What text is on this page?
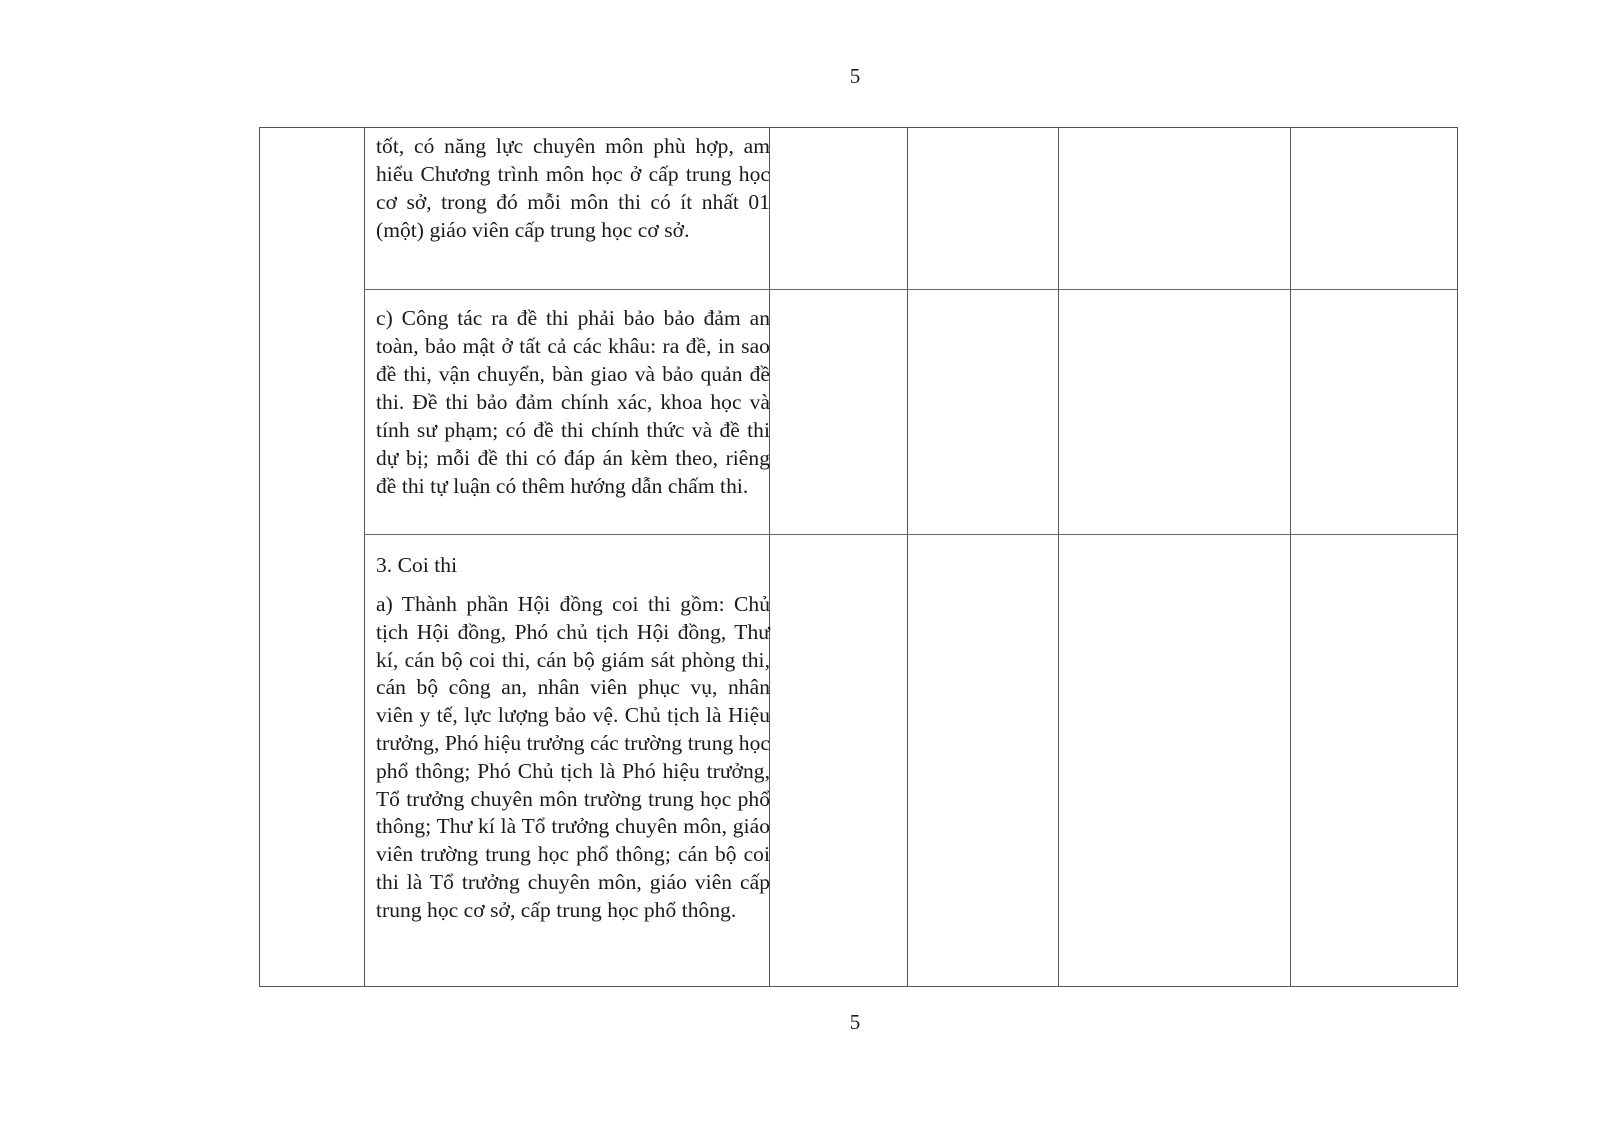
5

tốt, có năng lực chuyên môn phù hợp, am hiểu Chương trình môn học ở cấp trung học cơ sở, trong đó mỗi môn thi có ít nhất 01 (một) giáo viên cấp trung học cơ sở.

c) Công tác ra đề thi phải bảo bảo đảm an toàn, bảo mật ở tất cả các khâu: ra đề, in sao đề thi, vận chuyển, bàn giao và bảo quản đề thi. Đề thi bảo đảm chính xác, khoa học và tính sư phạm; có đề thi chính thức và đề thi dự bị; mỗi đề thi có đáp án kèm theo, riêng đề thi tự luận có thêm hướng dẫn chấm thi.

3. Coi thi

a) Thành phần Hội đồng coi thi gồm: Chủ tịch Hội đồng, Phó chủ tịch Hội đồng, Thư kí, cán bộ coi thi, cán bộ giám sát phòng thi, cán bộ công an, nhân viên phục vụ, nhân viên y tế, lực lượng bảo vệ. Chủ tịch là Hiệu trưởng, Phó hiệu trưởng các trường trung học phổ thông; Phó Chủ tịch là Phó hiệu trưởng, Tổ trưởng chuyên môn trường trung học phổ thông; Thư kí là Tổ trưởng chuyên môn, giáo viên trường trung học phổ thông; cán bộ coi thi là Tổ trưởng chuyên môn, giáo viên cấp trung học cơ sở, cấp trung học phổ thông.

5
